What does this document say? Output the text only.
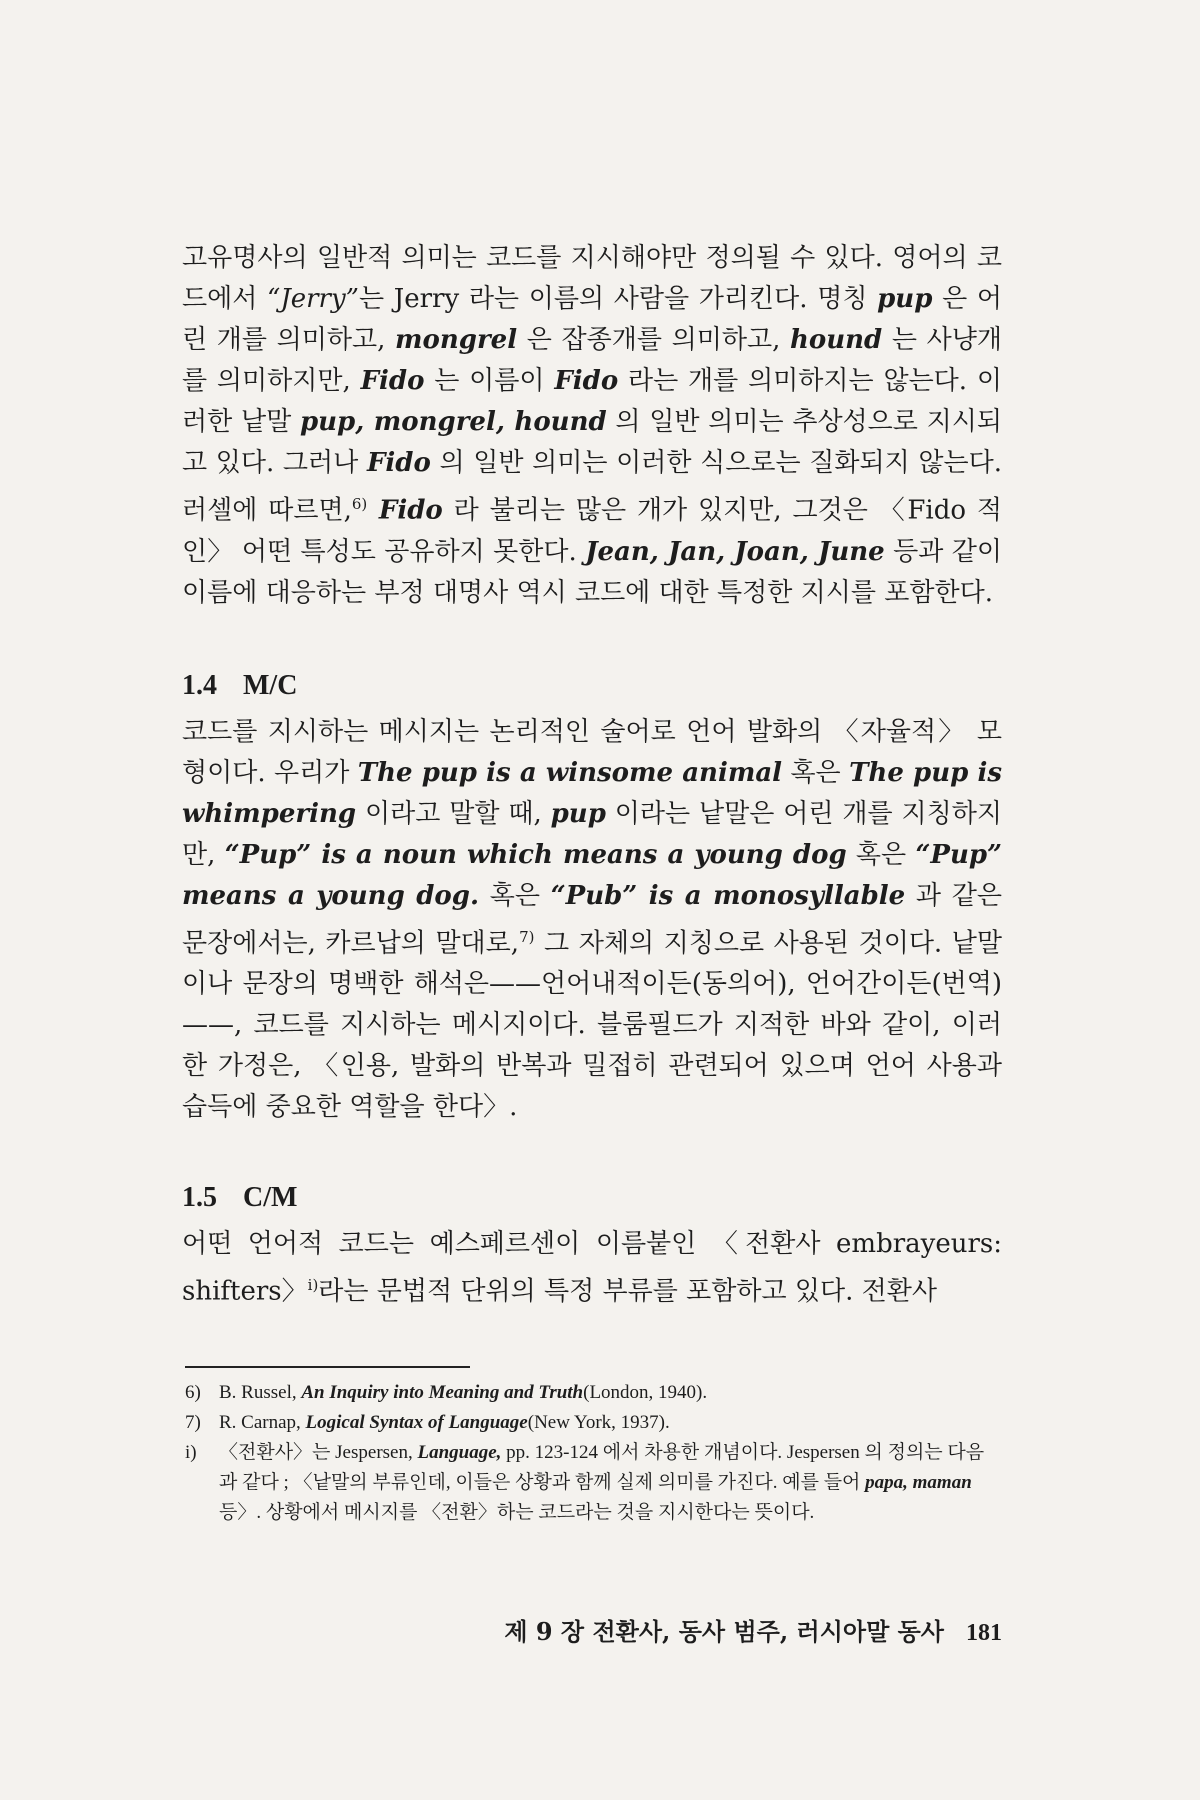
고유명사의 일반적 의미는 코드를 지시해야만 정의될 수 있다. 영어의 코드에서 “Jerry”는 Jerry 라는 이름의 사람을 가리킨다. 명칭 pup 은 어린 개를 의미하고, mongrel 은 잡종개를 의미하고, hound 는 사냥개를 의미하지만, Fido 는 이름이 Fido 라는 개를 의미하지는 않는다. 이러한 낱말 pup, mongrel, hound 의 일반 의미는 추상성으로 지시되고 있다. 그러나 Fido 의 일반 의미는 이러한 식으로는 질화되지 않는다. 러셀에 따르면,$^{6)}$ Fido 라 불리는 많은 개가 있지만, 그것은 〈Fido 적인〉 어떤 특성도 공유하지 못한다. Jean, Jan, Joan, June 등과 같이 이름에 대응하는 부정 대명사 역시 코드에 대한 특정한 지시를 포함한다.

1.4 M/C

코드를 지시하는 메시지는 논리적인 술어로 언어 발화의 〈자율적〉 모형이다. 우리가 The pup is a winsome animal 혹은 The pup is whimpering 이라고 말할 때, pup 이라는 낱말은 어린 개를 지칭하지만, “Pup” is a noun which means a young dog 혹은 “Pup” means a young dog. 혹은 “Pub” is a monosyllable 과 같은 문장에서는, 카르납의 말대로,$^{7)}$ 그 자체의 지칭으로 사용된 것이다. 낱말이나 문장의 명백한 해석은——언어내적이든(동의어), 언어간이든(번역)——, 코드를 지시하는 메시지이다. 블룸필드가 지적한 바와 같이, 이러한 가정은, 〈인용, 발화의 반복과 밀접히 관련되어 있으며 언어 사용과 습득에 중요한 역할을 한다〉.

1.5 C/M

어떤 언어적 코드는 예스페르센이 이름붙인 〈전환사 embrayeurs: shifters〉$^{i)}$라는 문법적 단위의 특정 부류를 포함하고 있다. 전환사

6) B. Russel, An Inquiry into Meaning and Truth(London, 1940).

7) R. Carnap, Logical Syntax of Language(New York, 1937).

i)	〈전환사〉는 Jespersen, Language, pp. 123-124 에서 차용한 개념이다. Jespersen 의 정의는 다음과 같다 ; 〈낱말의 부류인데, 이들은 상황과 함께 실제 의미를 가진다. 예를 들어 papa, maman 등〉. 상황에서 메시지를 〈전환〉하는 코드라는 것을 지시한다는 뜻이다.

제 9 장 전환사, 동사 범주, 러시아말 동사 181
